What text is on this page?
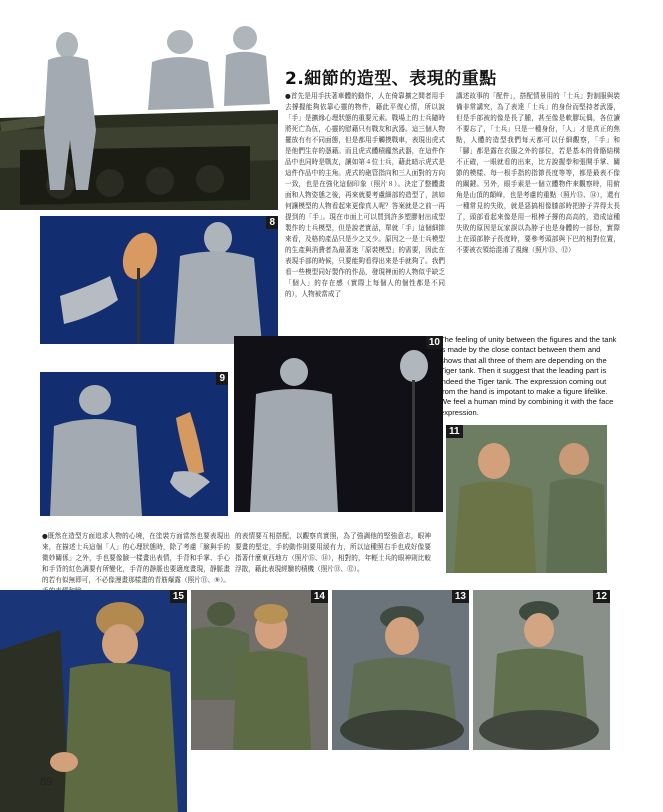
2.細節的造型、表現的重點
●首先是用手扶著車體的動作，人在倚靠擴之間者用手去撐握能夠依靠心靈的物件，藉此平復心情，所以說「手」是擴緣心理狀態的重要元素。戰場上的士兵隨時將死亡為伍，心靈的慰藉只有戰友和武器。這三個人物擺放有有不同面態，但是都用手觸摸戰車，表現出虎式是他們生存的憑藉。而且虎式體積龐然武器，在這件作品中也同時是戰友，讓如第４位士兵，藉此暗示虎式是這件作品中的主角。虎式的砲管指向和三人面對的方向一致，也是在強化這個印象（照片８）。決定了整體畫面和人物姿態之後，再來就要考慮細部的造型了，該如何讓模型的人物看起來更像真人呢？答案就是之前一再提到的「手」。現在市面上可以買到許多塑膠射出成型製作的士兵模型，但是說老實話，單就「手」這個細節來看，及格的產品只是少之又少。原因之一是士兵模型的生產與消費者為最著迷「原裝模型」的需要，因此在表現手部的時候，只要能夠看得出來是手就夠了。我們看一些模型同好製作的作品，發現裡面的人物似乎缺乏「個人」的存在感（實際上每個人的個性都是不同的），人物被當成了
講述故事的「配件」，搭配情景用的「士兵」對制服與裝備非常講究，為了表達「士兵」的身份而堅持者武器，但是手部被的像是長了腫，甚至像是軟膠玩偶，各位讀不要忘了，「士兵」只是一種身份，「人」才是真正的焦點，人體的造型我們每天都可以仔細觀察，「手」和「腳」都是露在衣服之外的部位，若是基本的骨骼結構不正確，一眼就看的出來，比方說握拳和張開手掌、關節的模樣、每一根手指的指節長度等等，都是最表不像的關鍵。另外，眼手素是一個立體物件來觀察時，用俯角是山頂的顛峰，也是考慮的重點（照片⑮、⑭），還有一種常見的失敗，就是惡搞相像膝部時把脖子弄得太長了，頭部看起來像是用一根棒子撐的高高的，造成這種失敗的原因是玩家誤以為脖子也是身體的一部份，實際上在頭部脖子長度時，要參考頭部與下巴的相對位置，不要被衣領給混淆了視線（照片⑬、⑫）
8
9
10 The feeling of unity between the figures and the tank is made by the close contact between them and shows that all three of them are depending on the Tiger tank. Then it suggest that the leading part is indeed the Tiger tank. The expression coming out from the hand is impotant to make a figure lifelike. We feel a human mind by combining it with the face expression.
11
●既然在造型方面追求人物的心境，在塗裝方面當然也要表現出來，在描述士兵這個「人」的心理狀態時，除了考慮「臉與手的微妙關係」之外，手也要像臉一樣畫出表情，手背和手掌、手心和手背的紅色調要有所變化，手背的靜脈也要適度畫現，靜脈畫的若有似無即可，不必像漫畫那樣畫的青筋爆露（照片⑪、⑨）。
的表情要互相搭配，以觀察真實照，為了強調他的堅強意志，眼神要畫的堅定，手的動作則要用緩有力，所以這種照右手也成好像要指著什麼東西地方（照片⑮、⑭），相對的，年輕士兵的眼神則比較浮散，藉此表現經驗的積機（照片⑬、⑫）。
15	14	13	12
89
